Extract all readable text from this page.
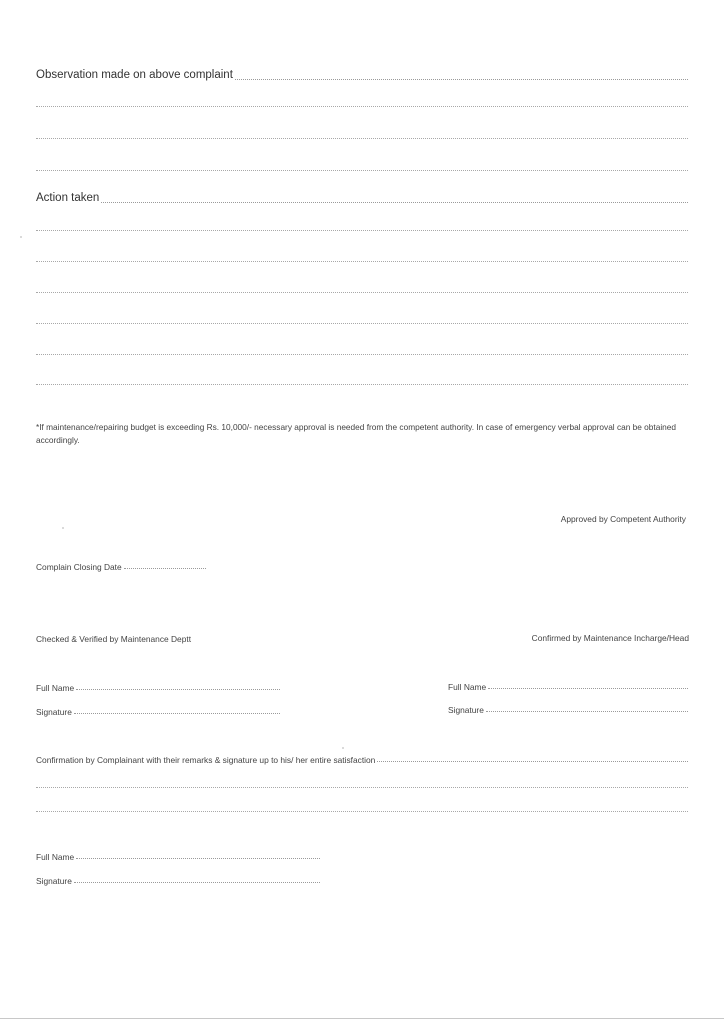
Observation made on above complaint
Action taken
*If maintenance/repairing budget is exceeding Rs. 10,000/- necessary approval is needed from the competent authority. In case of emergency verbal approval can be obtained accordingly.
Approved by Competent Authority
Complain Closing Date
Checked & Verified by Maintenance Deptt	Confirmed by Maintenance Incharge/Head
Full Name
Signature
Full Name
Signature
Confirmation by Complainant with their remarks & signature up to his/ her entire satisfaction
Full Name
Signature
